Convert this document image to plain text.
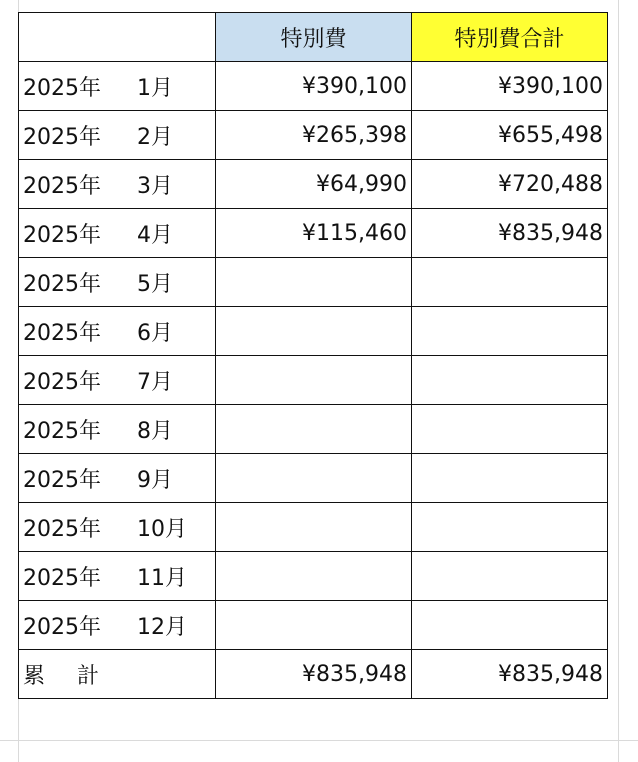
	特別費	特別費合計
2025年 1月	¥390,100	¥390,100
2025年 2月	¥265,398	¥655,498
2025年 3月	¥64,990	¥720,488
2025年 4月	¥115,460	¥835,948
2025年 5月		
2025年 6月		
2025年 7月		
2025年 8月		
2025年 9月		
2025年 10月		
2025年 11月		
2025年 12月		
累 計	¥835,948	¥835,948
